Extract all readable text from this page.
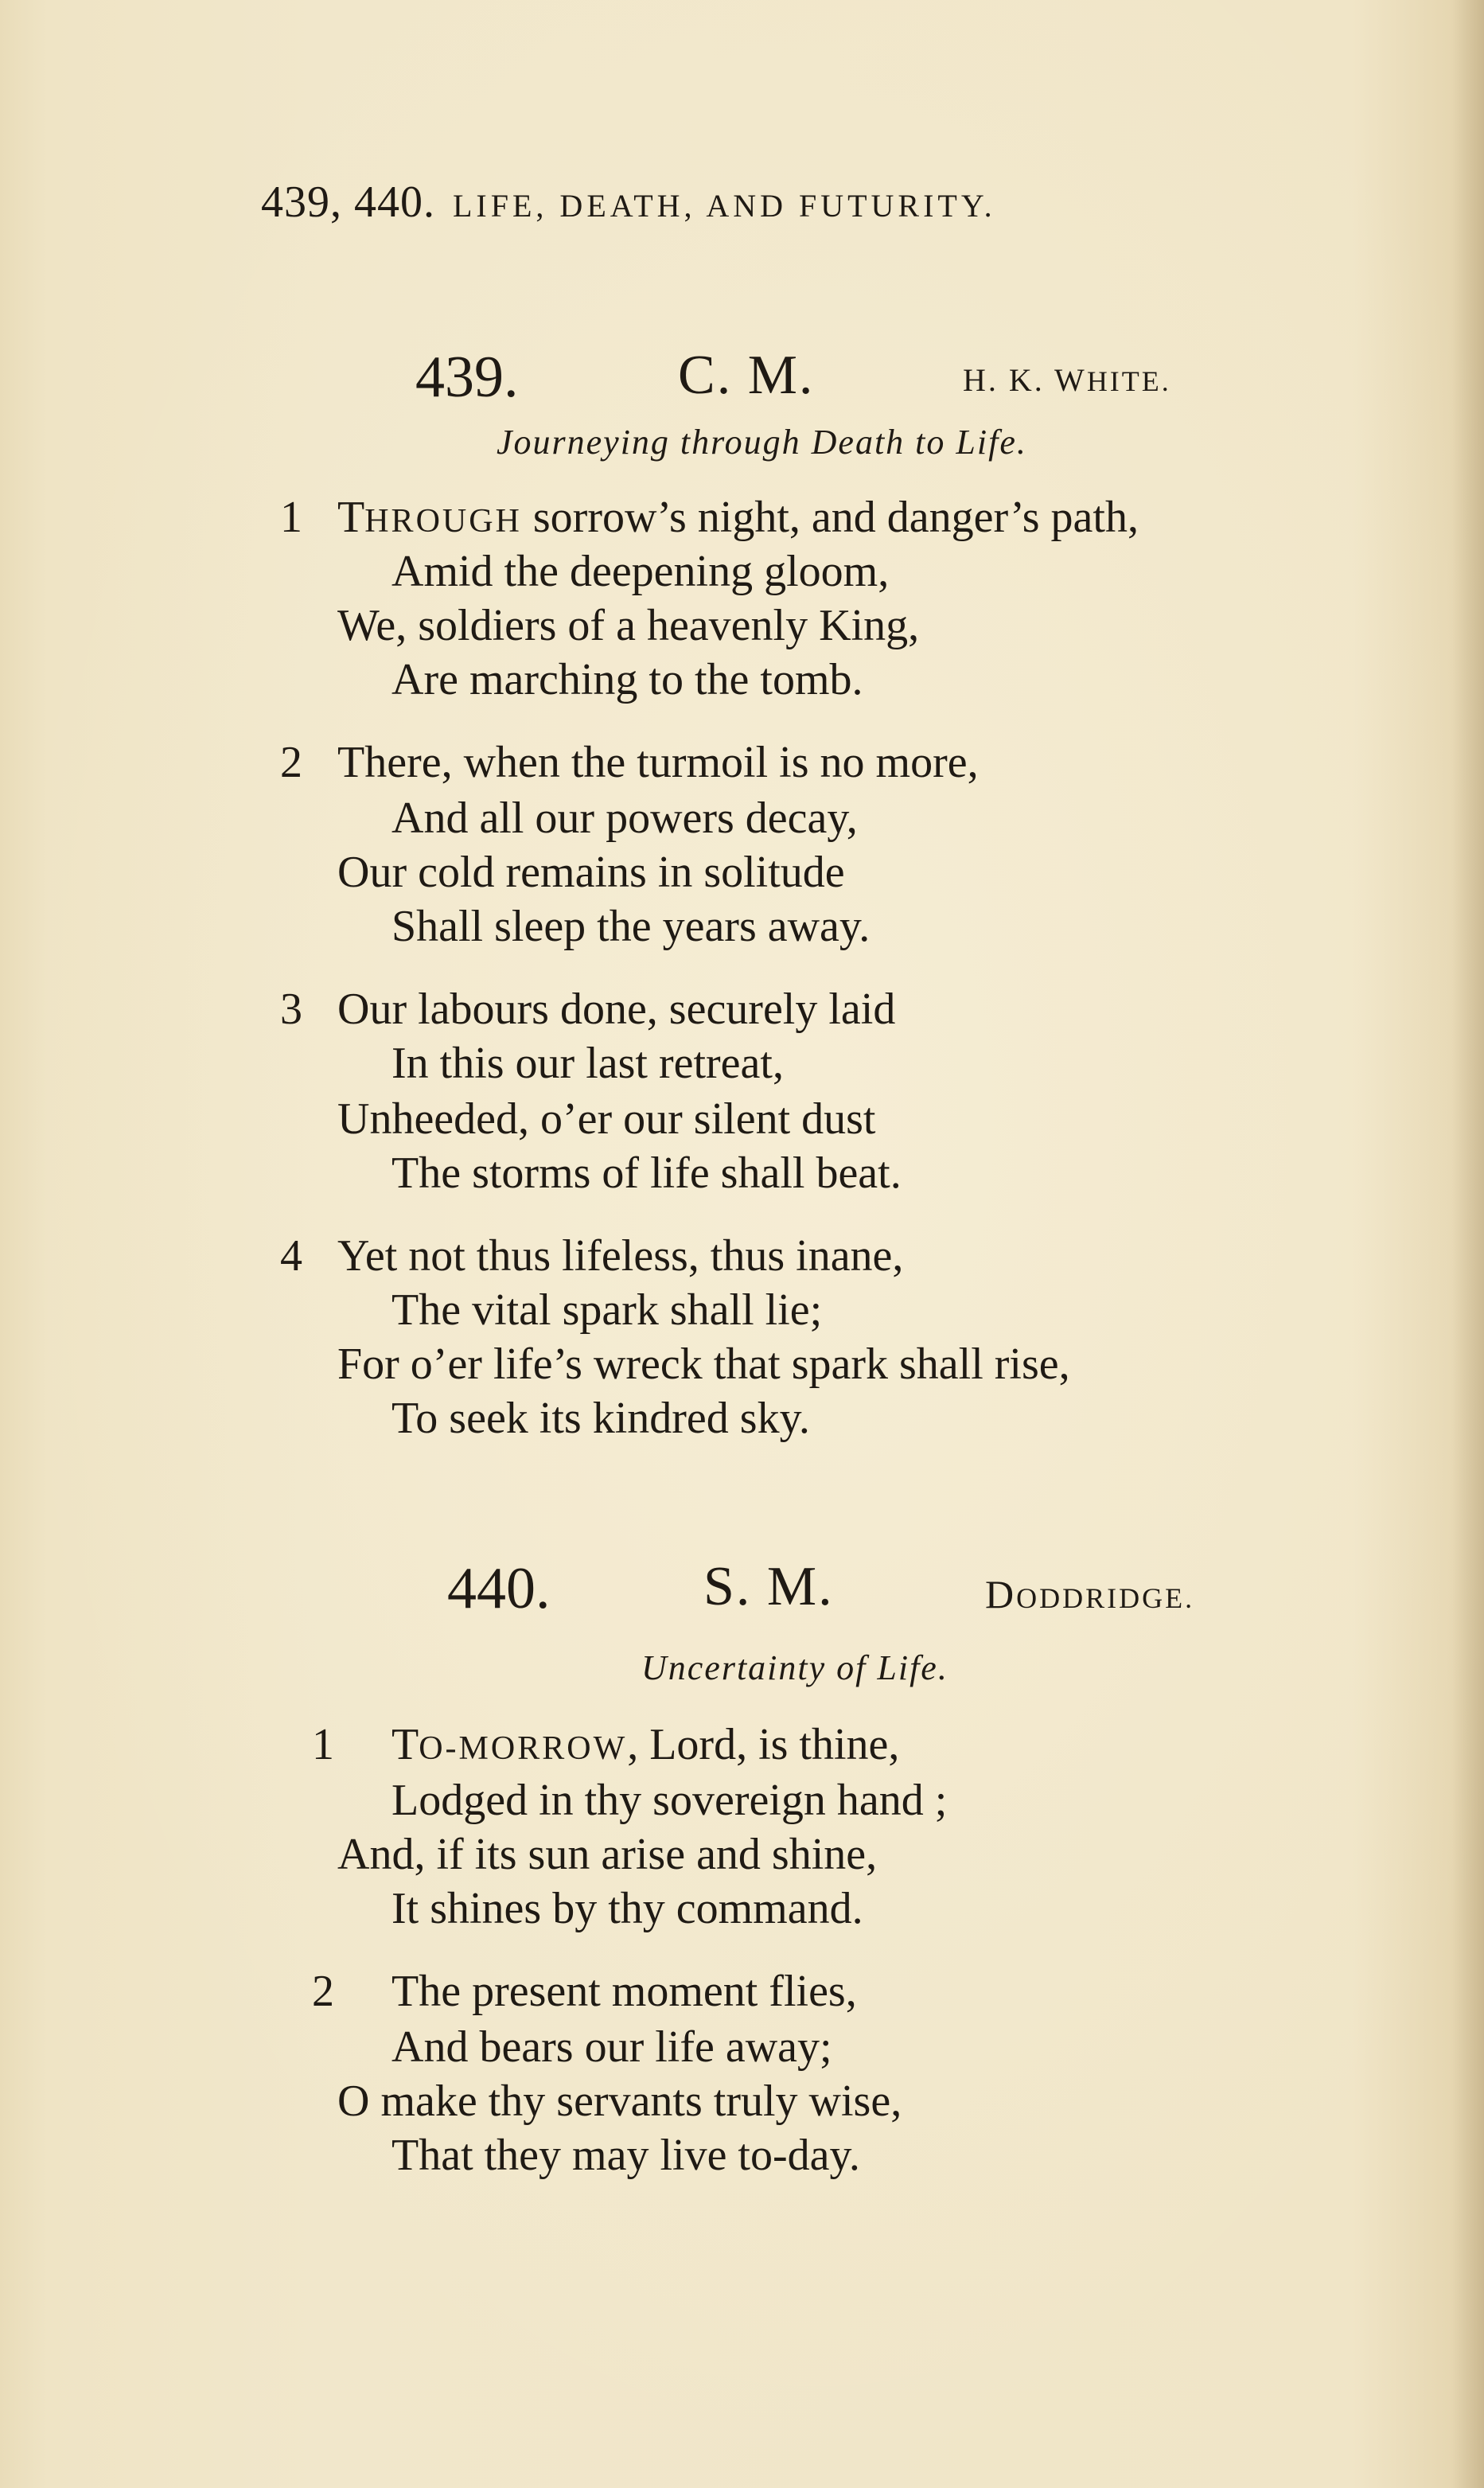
439, 440. LIFE, DEATH, AND FUTURITY.
439.	C. M.	H. K. WHITE.
Journeying through Death to Life.
1 THROUGH sorrow’s night, and danger’s path,
Amid the deepening gloom,
We, soldiers of a heavenly King,
Are marching to the tomb.
2 There, when the turmoil is no more,
And all our powers decay,
Our cold remains in solitude
Shall sleep the years away.
3 Our labours done, securely laid
In this our last retreat,
Unheeded, o’er our silent dust
The storms of life shall beat.
4 Yet not thus lifeless, thus inane,
The vital spark shall lie;
For o’er life’s wreck that spark shall rise,
To seek its kindred sky.
440.	S. M.	DODDRIDGE.
Uncertainty of Life.
1 TO-MORROW, Lord, is thine,
Lodged in thy sovereign hand ;
And, if its sun arise and shine,
It shines by thy command.
2 The present moment flies,
And bears our life away;
O make thy servants truly wise,
That they may live to-day.
